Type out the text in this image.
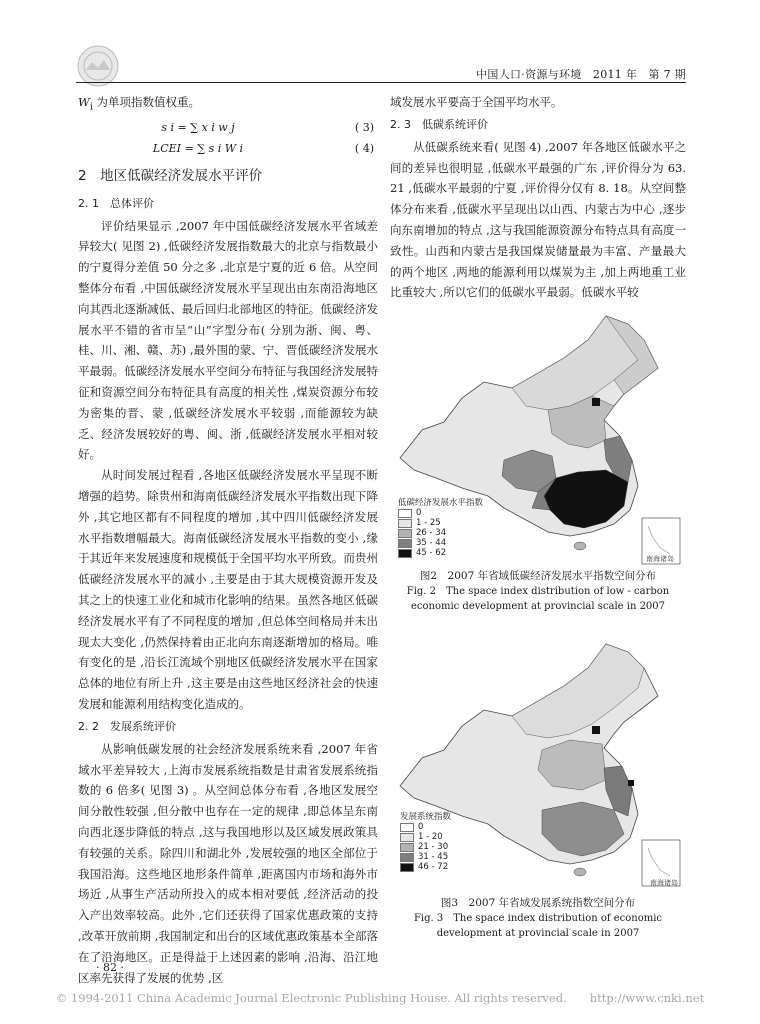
中国人口·资源与环境　2011 年　第 7 期

$W_i$ 为单项指数值权重。

s i = ∑ x i w j	( 3)
LCEI = ∑ s i W i	( 4)
2　地区低碳经济发展水平评价
2. 1　总体评价

评价结果显示 ,2007 年中国低碳经济发展水平省域差异较大( 见图 2) ,低碳经济发展指数最大的北京与指数最小的宁夏得分差值 50 分之多 ,北京是宁夏的近 6 倍。从空间整体分布看 ,中国低碳经济发展水平呈现出由东南沿海地区向其西北逐渐减低、最后回归北部地区的特征。低碳经济发展水平不错的省市呈“山”字型分布( 分别为浙、闽、粤、桂、川、湘、赣、苏) ,最外围的蒙、宁、晋低碳经济发展水平最弱。低碳经济发展水平空间分布特征与我国经济发展特征和资源空间分布特征具有高度的相关性 ,煤炭资源分布较为密集的晋、蒙 ,低碳经济发展水平较弱 ,而能源较为缺乏、经济发展较好的粤、闽、浙 ,低碳经济发展水平相对较好。

从时间发展过程看 ,各地区低碳经济发展水平呈现不断增强的趋势。除贵州和海南低碳经济发展水平指数出现下降外 ,其它地区都有不同程度的增加 ,其中四川低碳经济发展水平指数增幅最大。海南低碳经济发展水平指数的变小 ,缘于其近年来发展速度和规模低于全国平均水平所致。而贵州低碳经济发展水平的减小 ,主要是由于其大规模资源开发及其之上的快速工业化和城市化影响的结果。虽然各地区低碳经济发展水平有了不同程度的增加 ,但总体空间格局并未出现太大变化 ,仍然保持着由正北向东南逐渐增加的格局。唯有变化的是 ,沿长江流域个别地区低碳经济发展水平在国家总体的地位有所上升 ,这主要是由这些地区经济社会的快速发展和能源利用结构变化造成的。

2. 2　发展系统评价

从影响低碳发展的社会经济发展系统来看 ,2007 年省域水平差异较大 ,上海市发展系统指数是甘肃省发展系统指数的 6 倍多( 见图 3) 。从空间总体分布看 ,各地区发展空间分散性较强 ,但分散中也存在一定的规律 ,即总体呈东南向西北逐步降低的特点 ,这与我国地形以及区域发展政策具有较强的关系。除四川和湖北外 ,发展较强的地区全部位于我国沿海。这些地区地形条件简单 ,距离国内市场和海外市场近 ,从事生产活动所投入的成本相对要低 ,经济活动的投入产出效率较高。此外 ,它们还获得了国家优惠政策的支持 ,改革开放前期 ,我国制定和出台的区域优惠政策基本全部落在了沿海地区。正是得益于上述因素的影响 ,沿海、沿江地区率先获得了发展的优势 ,区

域发展水平要高于全国平均水平。

2. 3　低碳系统评价

从低碳系统来看( 见图 4) ,2007 年各地区低碳水平之间的差异也很明显 ,低碳水平最强的广东 ,评价得分为 63. 21 ,低碳水平最弱的宁夏 ,评价得分仅有 8. 18。从空间整体分布来看 ,低碳水平呈现出以山西、内蒙古为中心 ,逐步向东南增加的特点 ,这与我国能源资源分布特点具有高度一致性。山西和内蒙古是我国煤炭储量最为丰富、产量最大的两个地区 ,两地的能源利用以煤炭为主 ,加上两地重工业比重较大 ,所以它们的低碳水平最弱。低碳水平较

低碳经济发展水平指数
0
1 - 25
26 - 34
35 - 44
45 - 62
南海诸岛
图2　2007 年省域低碳经济发展水平指数空间分布
Fig. 2　The space index distribution of low - carbon
economic development at provincial scale in 2007
发展系统指数
0
1 - 20
21 - 30
31 - 45
46 - 72
南海诸岛
图3　2007 年省域发展系统指数空间分布
Fig. 3　The space index distribution of economic
development at provincial scale in 2007
· 82 ·
© 1994-2011 China Academic Journal Electronic Publishing House. All rights reserved.　　http://www.cnki.net
